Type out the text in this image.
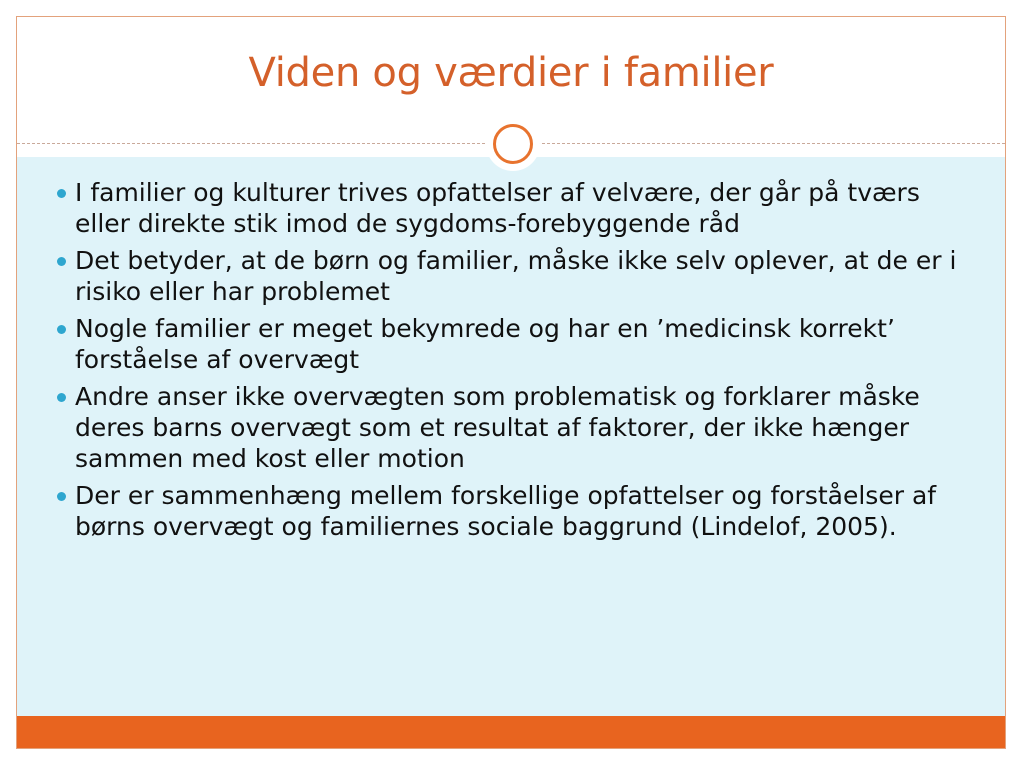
Viden og værdier i familier
I familier og kulturer trives opfattelser af velvære, der går på tværs eller direkte stik imod de sygdoms-forebyggende råd
Det betyder, at de børn og familier, måske ikke selv oplever, at de er i risiko eller har problemet
Nogle familier er meget bekymrede og har en ’medicinsk korrekt’ forståelse af overvægt
Andre anser ikke overvægten som problematisk og forklarer måske deres barns overvægt som et resultat af faktorer, der ikke hænger sammen med kost eller motion
Der er sammenhæng mellem forskellige opfattelser og forståelser af børns overvægt og familiernes sociale baggrund (Lindelof, 2005).
